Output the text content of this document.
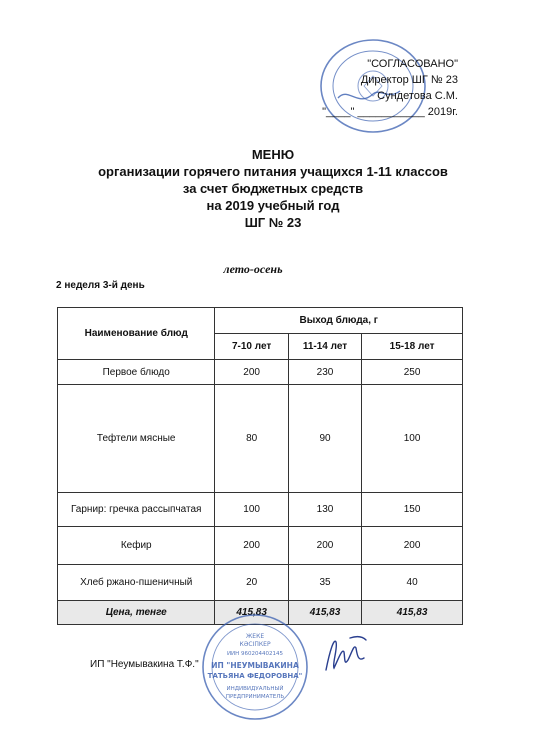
"СОГЛАСОВАНО"
Директор ШГ № 23
Сундетова С.М.
"____" ___________ 2019г.
МЕНЮ
организации горячего питания учащихся 1-11 классов
за счет бюджетных средств
на 2019 учебный год
ШГ № 23
лето-осень
2 неделя 3-й день
Наименование блюд	Выход блюда, г		
	7-10 лет	11-14 лет	15-18 лет
Первое блюдо	200	230	250
Тефтели мясные	80	90	100
Гарнир: гречка рассыпчатая	100	130	150
Кефир	200	200	200
Хлеб ржано-пшеничный	20	35	40
Цена, тенге	415,83	415,83	415,83
ИП "Неумывакина Т.Ф."
ЖЕКЕ
КӘСІПКЕР
ИИН 960204402145
ИП "НЕУМЫВАКИНА
ТАТЬЯНА ФЕДОРОВНА"
ИНДИВИДУАЛЬНЫЙ
ПРЕДПРИНИМАТЕЛЬ
